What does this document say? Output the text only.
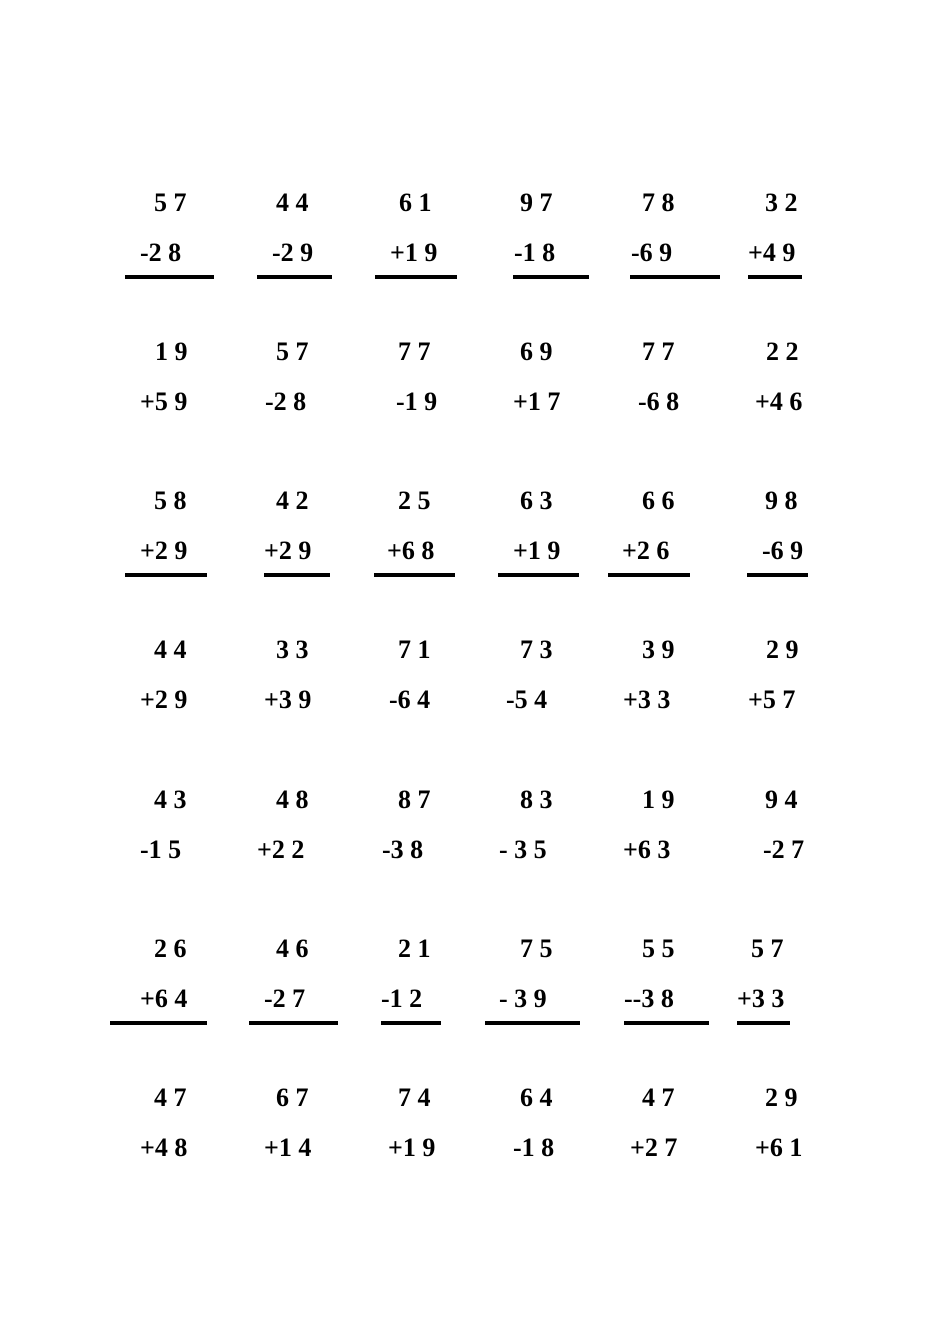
5 7
-2 8
4 4
-2 9
6 1
+1 9
9 7
-1 8
7 8
-6 9
3 2
+4 9
1 9
+5 9
5 7
-2 8
7 7
-1 9
6 9
+1 7
7 7
-6 8
2 2
+4 6
5 8
+2 9
4 2
+2 9
2 5
+6 8
6 3
+1 9
6 6
+2 6
9 8
-6 9
4 4
+2 9
3 3
+3 9
7 1
-6 4
7 3
-5 4
3 9
+3 3
2 9
+5 7
4 3
-1 5
4 8
+2 2
8 7
-3 8
8 3
- 3 5
1 9
+6 3
9 4
-2 7
2 6
+6 4
4 6
-2 7
2 1
-1 2
7 5
- 3 9
5 5
--3 8
5 7
+3 3
4 7
+4 8
6 7
+1 4
7 4
+1 9
6 4
-1 8
4 7
+2 7
2 9
+6 1
